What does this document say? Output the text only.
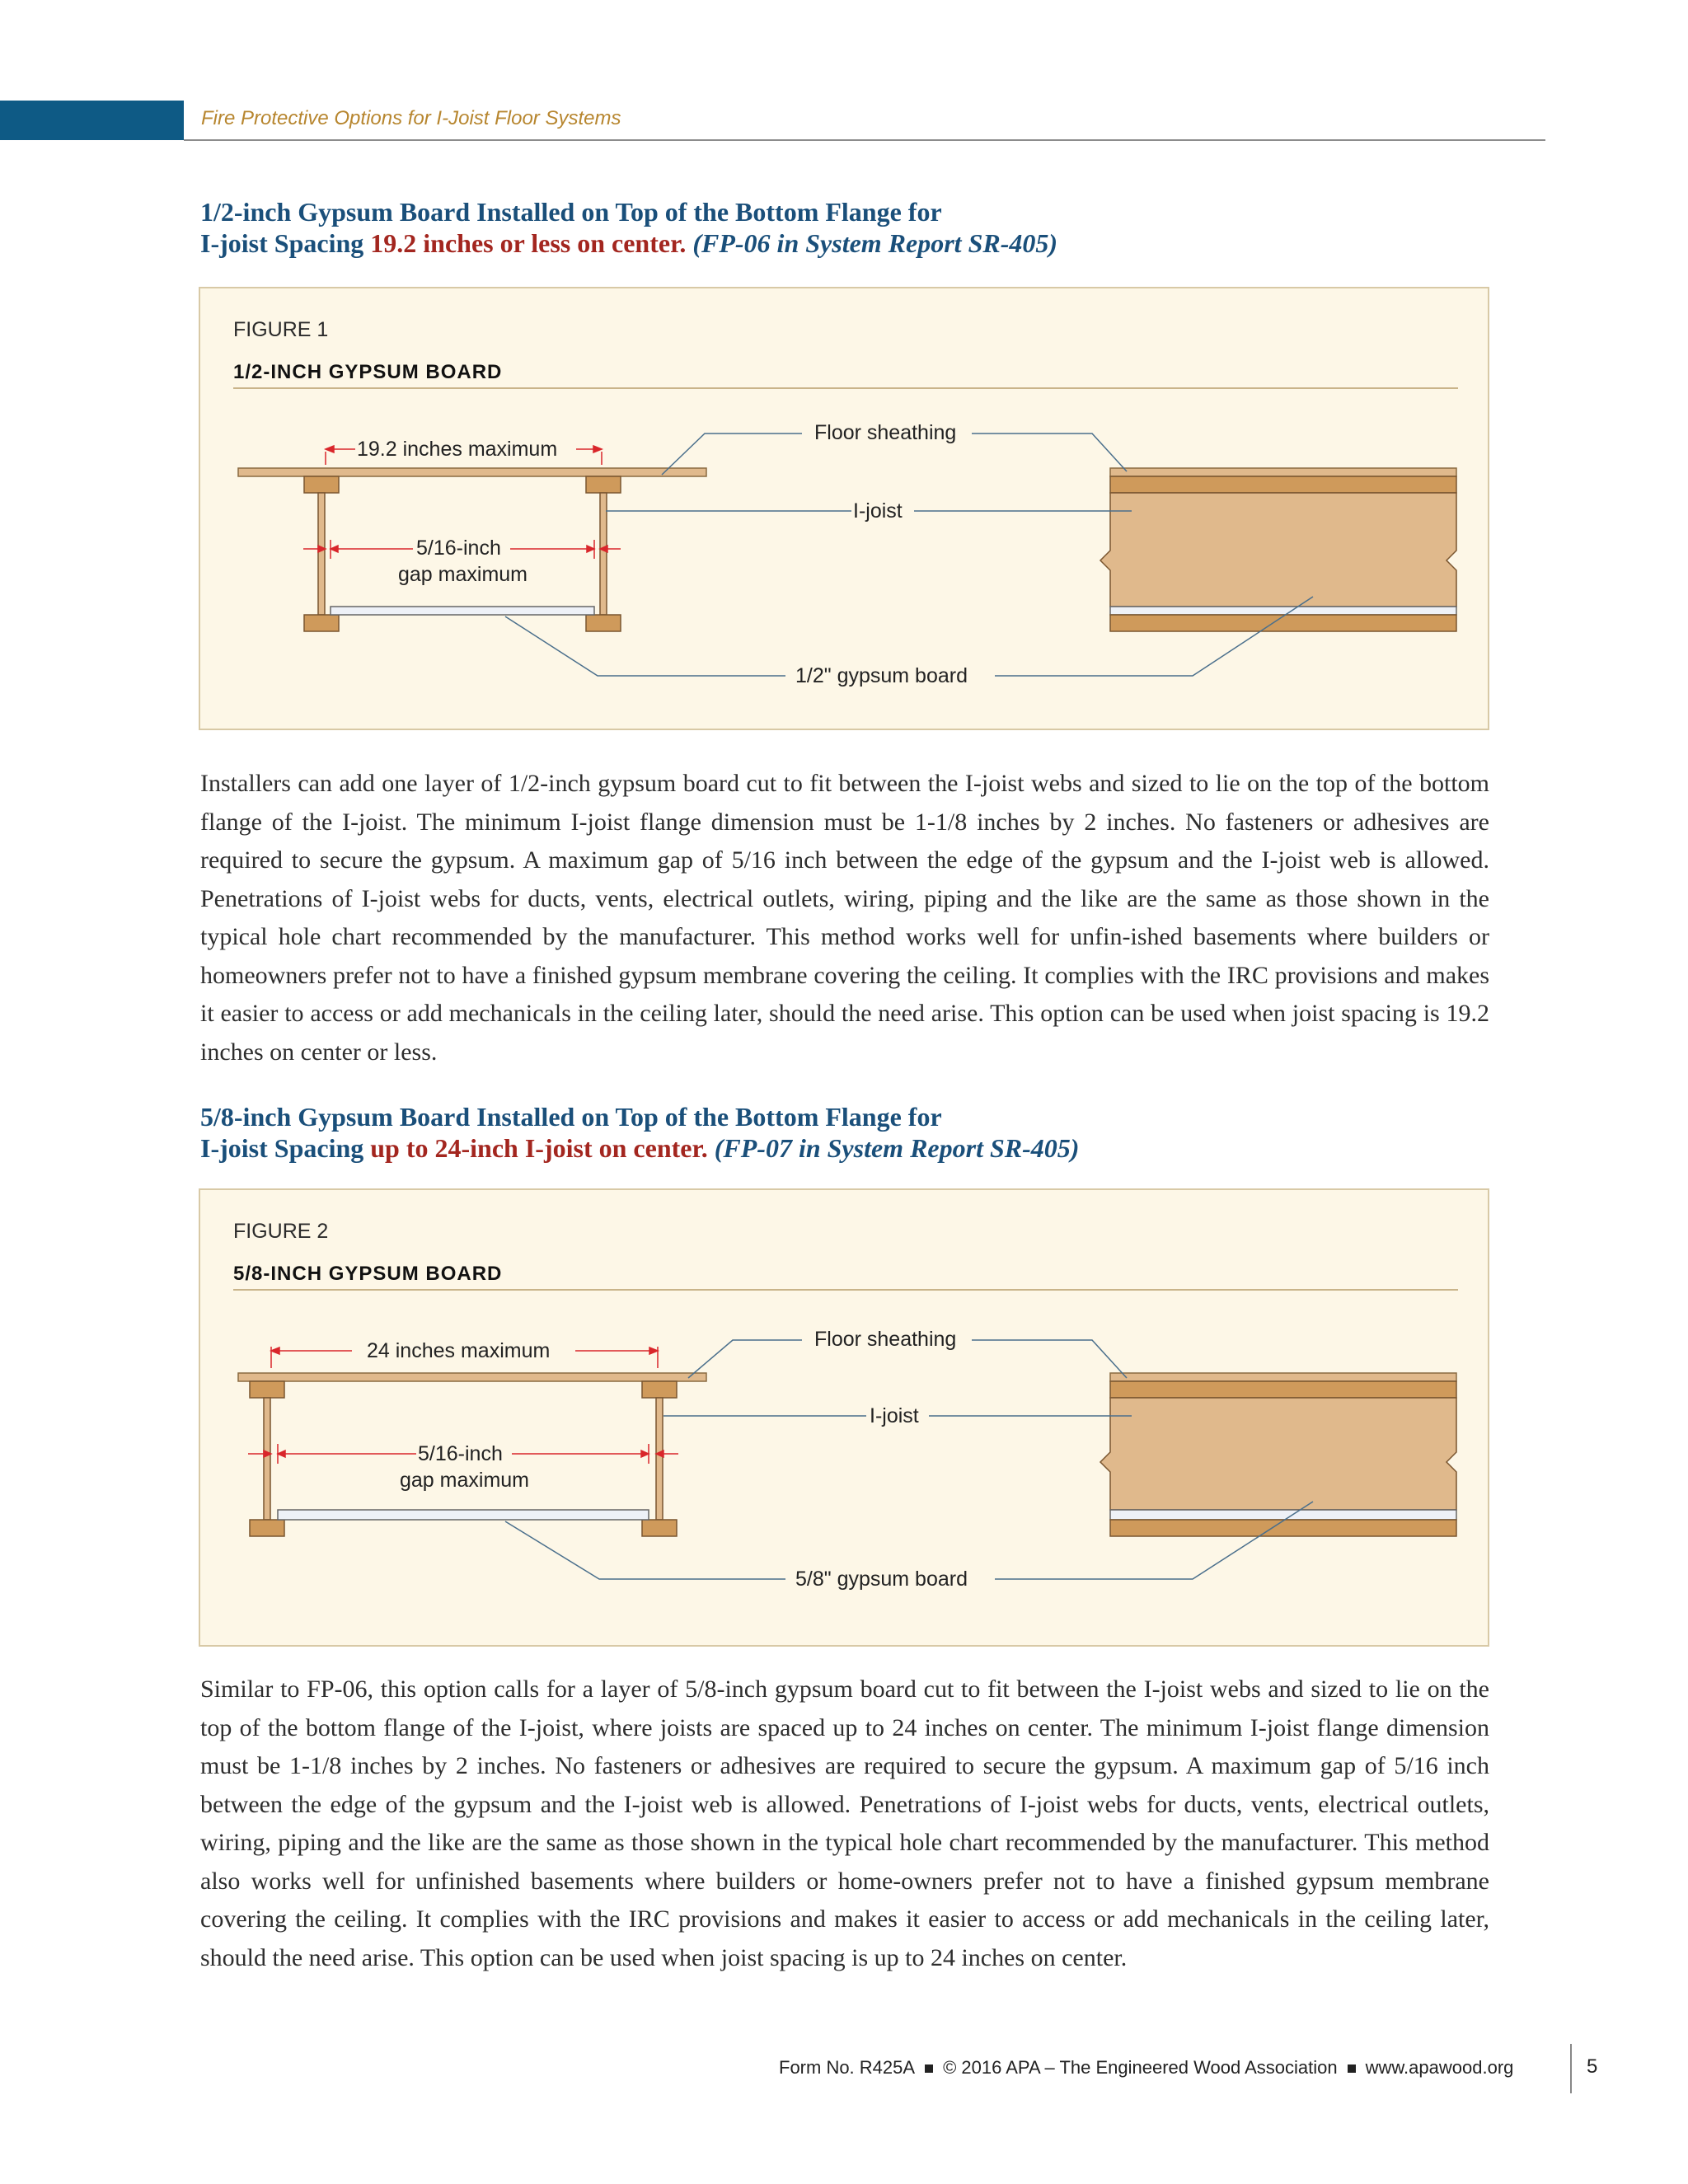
Fire Protective Options for I-Joist Floor Systems
1/2-inch Gypsum Board Installed on Top of the Bottom Flange for
I-joist Spacing 19.2 inches or less on center. (FP-06 in System Report SR-405)
FIGURE 1
1/2-INCH GYPSUM BOARD
19.2 inches maximum
5/16-inch
gap maximum
Floor sheathing
I-joist
1/2" gypsum board
Installers can add one layer of 1/2-inch gypsum board cut to fit between the I-joist webs and sized to lie on the top of the bottom flange of the I-joist. The minimum I-joist flange dimension must be 1-1/8 inches by 2 inches. No fasteners or adhesives are required to secure the gypsum. A maximum gap of 5/16 inch between the edge of the gypsum and the I-joist web is allowed. Penetrations of I-joist webs for ducts, vents, electrical outlets, wiring, piping and the like are the same as those shown in the typical hole chart recommended by the manufacturer. This method works well for unfin-ished basements where builders or homeowners prefer not to have a finished gypsum membrane covering the ceiling. It complies with the IRC provisions and makes it easier to access or add mechanicals in the ceiling later, should the need arise. This option can be used when joist spacing is 19.2 inches on center or less.
5/8-inch Gypsum Board Installed on Top of the Bottom Flange for
I-joist Spacing up to 24-inch I-joist on center. (FP-07 in System Report SR-405)
FIGURE 2
5/8-INCH GYPSUM BOARD
24 inches maximum
5/16-inch
gap maximum
Floor sheathing
I-joist
5/8" gypsum board
Similar to FP-06, this option calls for a layer of 5/8-inch gypsum board cut to fit between the I-joist webs and sized to lie on the top of the bottom flange of the I-joist, where joists are spaced up to 24 inches on center. The minimum I-joist flange dimension must be 1-1/8 inches by 2 inches. No fasteners or adhesives are required to secure the gypsum. A maximum gap of 5/16 inch between the edge of the gypsum and the I-joist web is allowed. Penetrations of I-joist webs for ducts, vents, electrical outlets, wiring, piping and the like are the same as those shown in the typical hole chart recommended by the manufacturer. This method also works well for unfinished basements where builders or home-owners prefer not to have a finished gypsum membrane covering the ceiling. It complies with the IRC provisions and makes it easier to access or add mechanicals in the ceiling later, should the need arise. This option can be used when joist spacing is up to 24 inches on center.
Form No. R425A © 2016 APA – The Engineered Wood Association www.apawood.org	5
